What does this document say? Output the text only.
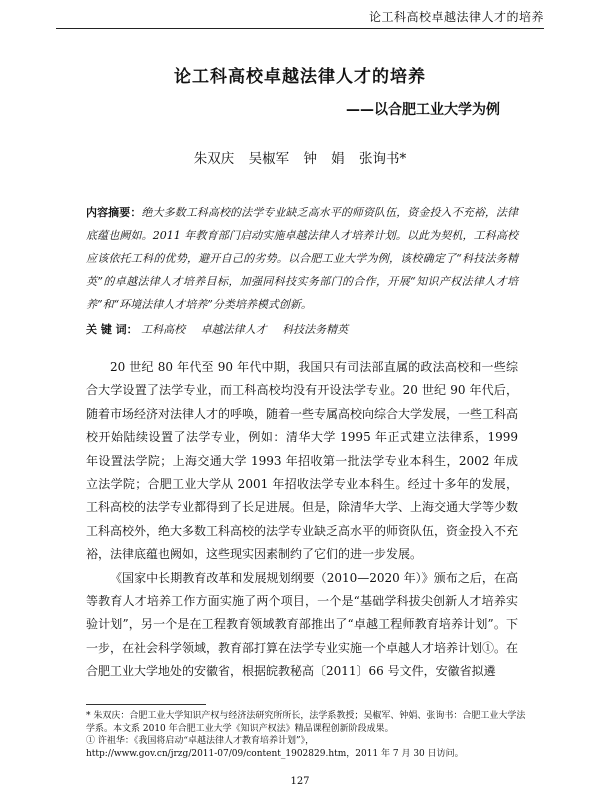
论工科高校卓越法律人才的培养
论工科高校卓越法律人才的培养
——以合肥工业大学为例
朱双庆 吴椒军 钟 娟 张询书*
内容摘要：绝大多数工科高校的法学专业缺乏高水平的师资队伍，资金投入不充裕，法律底蕴也阙如。2011 年教育部门启动实施卓越法律人才培养计划。以此为契机，工科高校应该依托工科的优势，避开自己的劣势。以合肥工业大学为例，该校确定了“科技法务精英”的卓越法律人才培养目标，加强同科技实务部门的合作，开展“知识产权法律人才培养”和“环境法律人才培养”分类培养模式创新。
关 键 词： 工科高校 卓越法律人才 科技法务精英

20 世纪 80 年代至 90 年代中期，我国只有司法部直属的政法高校和一些综合大学设置了法学专业，而工科高校均没有开设法学专业。20 世纪 90 年代后，随着市场经济对法律人才的呼唤，随着一些专属高校向综合大学发展，一些工科高校开始陆续设置了法学专业，例如：清华大学 1995 年正式建立法律系，1999 年设置法学院；上海交通大学 1993 年招收第一批法学专业本科生，2002 年成立法学院；合肥工业大学从 2001 年招收法学专业本科生。经过十多年的发展，工科高校的法学专业都得到了长足进展。但是，除清华大学、上海交通大学等少数工科高校外，绝大多数工科高校的法学专业缺乏高水平的师资队伍，资金投入不充裕，法律底蕴也阙如，这些现实因素制约了它们的进一步发展。

《国家中长期教育改革和发展规划纲要（2010—2020 年）》颁布之后，在高等教育人才培养工作方面实施了两个项目，一个是“基础学科拔尖创新人才培养实验计划”，另一个是在工程教育领域教育部推出了“卓越工程师教育培养计划”。下一步，在社会科学领域，教育部打算在法学专业实施一个卓越人才培养计划①。在合肥工业大学地处的安徽省，根据皖教秘高〔2011〕66 号文件，安徽省拟遴

* 朱双庆：合肥工业大学知识产权与经济法研究所所长，法学系教授；吴椒军、钟娟、张询书：合肥工业大学法学系。本文系 2010 年合肥工业大学《知识产权法》精品课程创新阶段成果。

① 许祖华：《我国将启动“卓越法律人才教育培养计划”》，

http://www.gov.cn/jrzg/2011-07/09/content_1902829.htm，2011 年 7 月 30 日访问。

127
